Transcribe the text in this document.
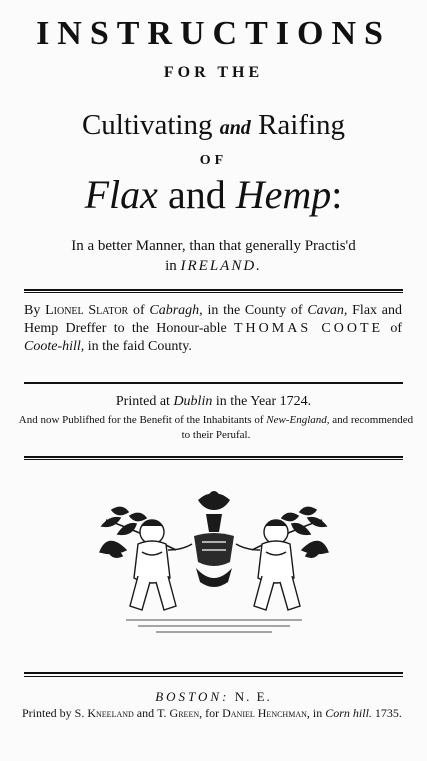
INSTRUCTIONS
FOR THE
Cultivating and Raifing
OF
Flax and Hemp:
In a better Manner, than that generally Practis'd
in IRELAND.
By Lionel Slator of Cabragh, in the County of Cavan, Flax and Hemp Dreffer to the Honour-able THOMAS COOTE of Coote-hill, in the faid County.
Printed at Dublin in the Year 1724.
And now Publifhed for the Benefit of the Inhabitants of New-England, and recommended to their Perufal.
BOSTON: N. E.
Printed by S. Kneeland and T. Green, for Daniel Henchman, in Corn hill. 1735.
